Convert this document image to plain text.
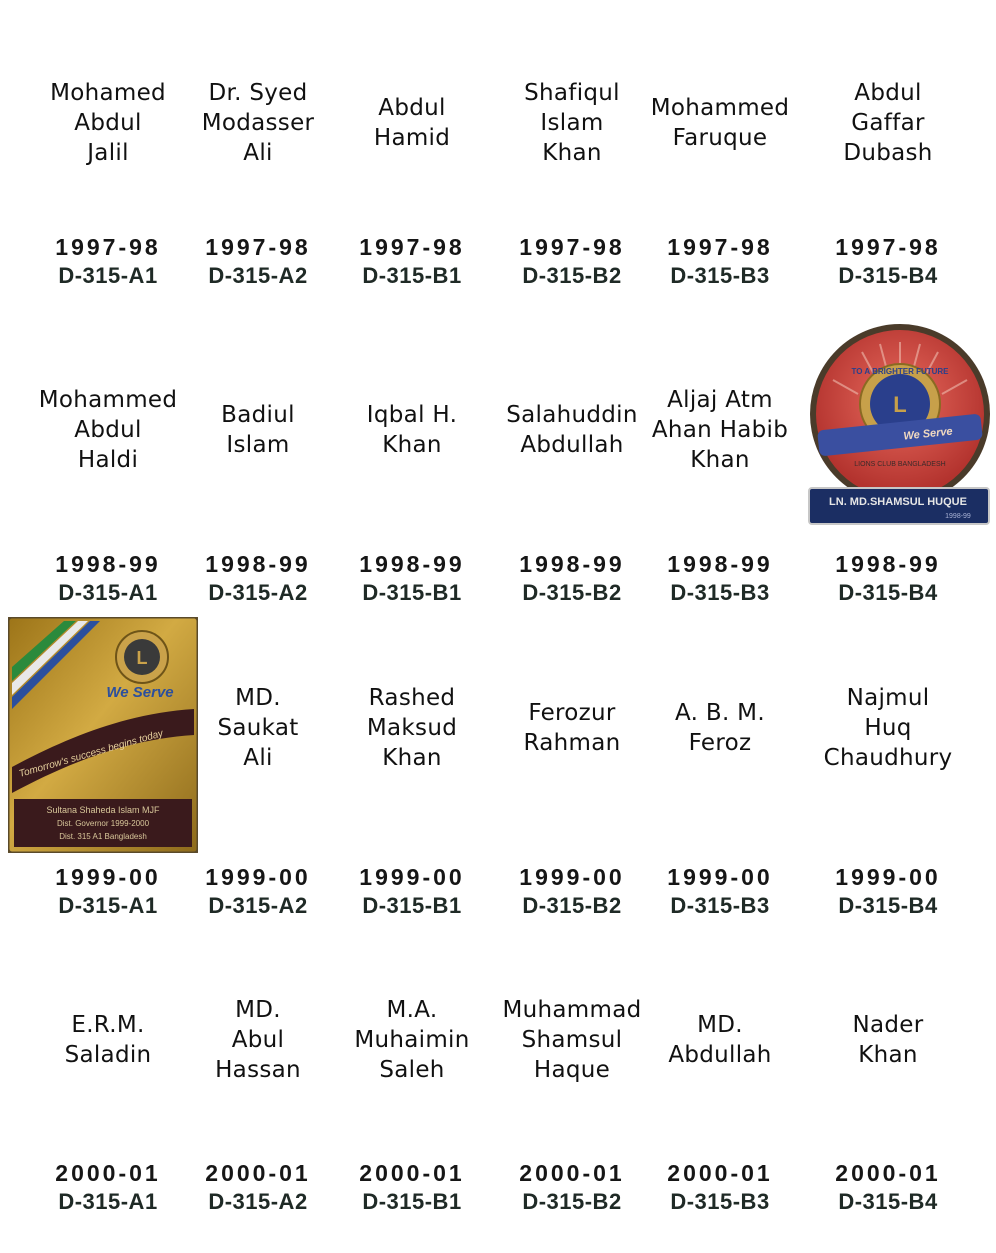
Mohamed
Abdul
Jalil
1997-98
D-315-A1
Dr. Syed
Modasser
Ali
1997-98
D-315-A2
Abdul
Hamid
1997-98
D-315-B1
Shafiqul
Islam
Khan
1997-98
D-315-B2
Mohammed
Faruque
1997-98
D-315-B3
Abdul
Gaffar
Dubash
1997-98
D-315-B4
Mohammed
Abdul
Haldi
1998-99
D-315-A1
Badiul
Islam
1998-99
D-315-A2
Iqbal H.
Khan
1998-99
D-315-B1
Salahuddin
Abdullah
1998-99
D-315-B2
Aljaj Atm
Ahan Habib
Khan
1998-99
D-315-B3
1998-99
D-315-B4
1999-00
D-315-A1
MD.
Saukat
Ali
1999-00
D-315-A2
Rashed
Maksud
Khan
1999-00
D-315-B1
Ferozur
Rahman
1999-00
D-315-B2
A. B. M.
Feroz
1999-00
D-315-B3
Najmul
Huq
Chaudhury
1999-00
D-315-B4
E.R.M.
Saladin
2000-01
D-315-A1
MD.
Abul
Hassan
2000-01
D-315-A2
M.A.
Muhaimin
Saleh
2000-01
D-315-B1
Muhammad
Shamsul
Haque
2000-01
D-315-B2
MD.
Abdullah
2000-01
D-315-B3
Nader
Khan
2000-01
D-315-B4
L
TO A BRIGHTER FUTURE
We Serve
LIONS CLUB BANGLADESH
LN. MD.SHAMSUL HUQUE
1998-99
L
We Serve
Tomorrow's success begins today
Sultana Shaheda Islam MJF
Dist. Governor 1999-2000
Dist. 315 A1 Bangladesh
